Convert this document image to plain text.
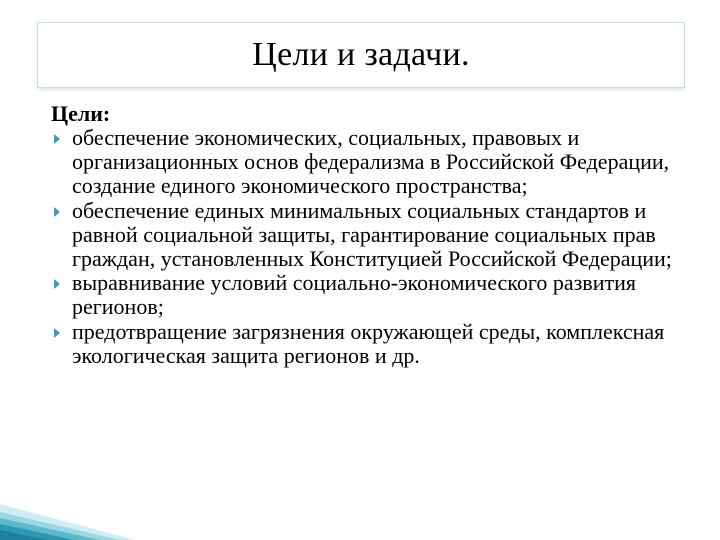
Цели и задачи.

Цели:

обеспечение экономических, социальных, правовых и организационных основ федерализма в Российской Федерации, создание единого экономического пространства;
обеспечение единых минимальных социальных стандартов и равной социальной защиты, гарантирование социальных прав граждан, установленных Конституцией Российской Федерации;
выравнивание условий социально-экономического развития регионов;
предотвращение загрязнения окружающей среды, комплексная экологическая защита регионов и др.
